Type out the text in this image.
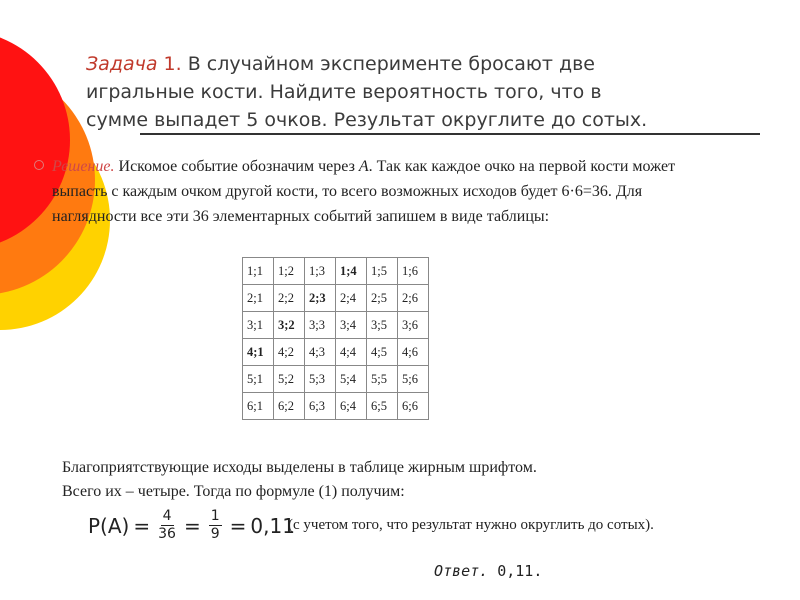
Задача 1. В случайном эксперименте бросают две
игральные кости. Найдите вероятность того, что в
сумме выпадет 5 очков. Результат округлите до сотых.
Решение. Искомое событие обозначим через A. Так как каждое очко на первой кости может выпасть с каждым очком другой кости, то всего возможных исходов будет 6·6=36. Для наглядности все эти 36 элементарных событий запишем в виде таблицы:
1;1	1;2	1;3	1;4	1;5	1;6
2;1	2;2	2;3	2;4	2;5	2;6
3;1	3;2	3;3	3;4	3;5	3;6
4;1	4;2	4;3	4;4	4;5	4;6
5;1	5;2	5;3	5;4	5;5	5;6
6;1	6;2	6;3	6;4	6;5	6;6
Благоприятствующие исходы выделены в таблице жирным шрифтом.
Всего их – четыре. Тогда по формуле (1) получим:
$P(A) = \frac{4}{36} = \frac{1}{9} = 0,11$
(с учетом того, что результат нужно округлить до сотых).
Ответ. 0,11.
